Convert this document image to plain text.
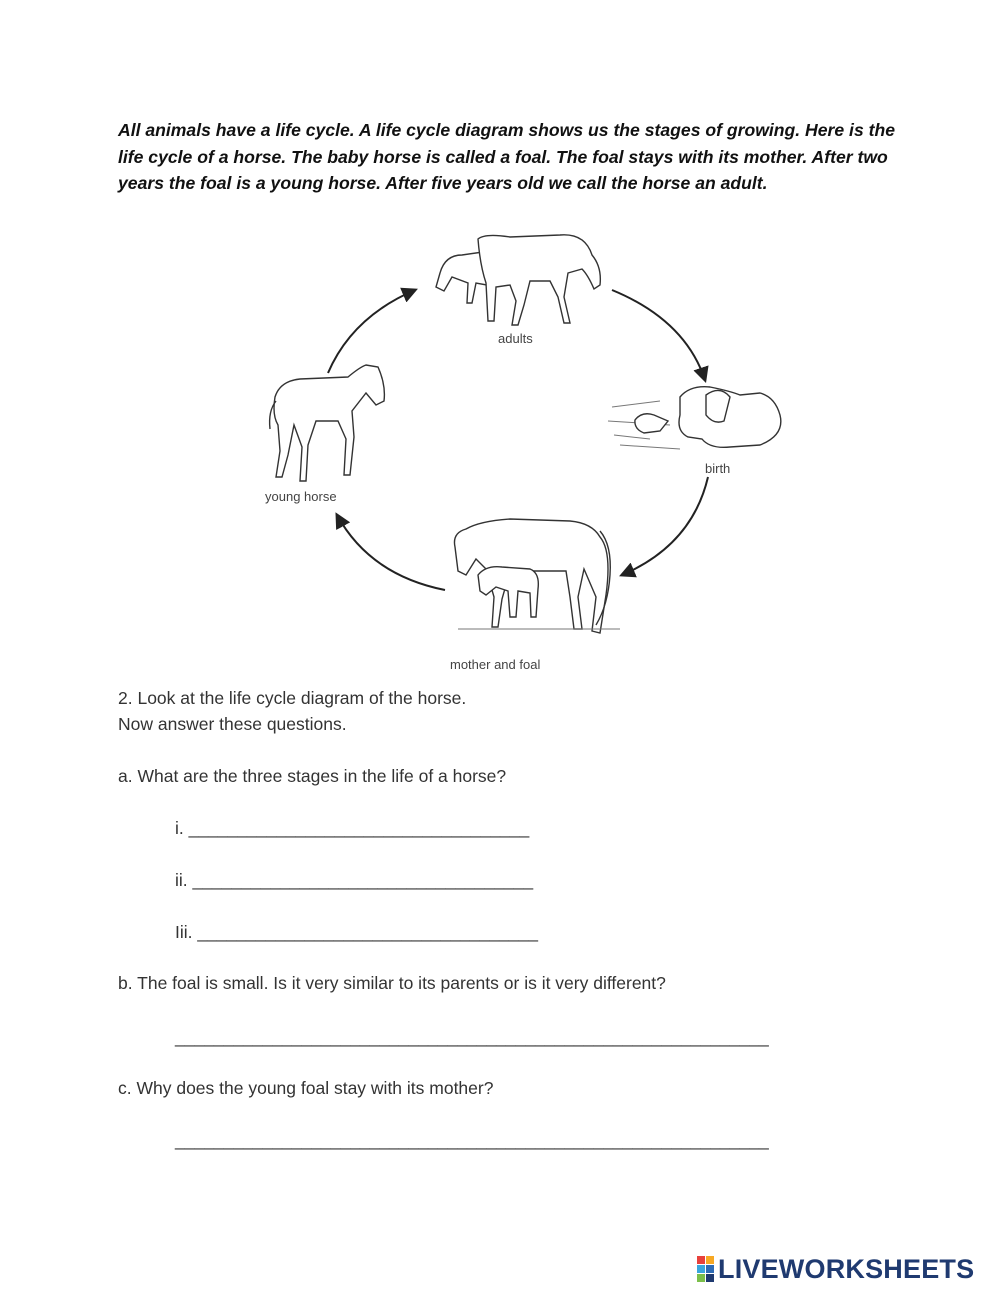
All animals have a life cycle. A life cycle diagram shows us the stages of growing. Here is the life cycle of a horse. The baby horse is called a foal. The foal stays with its mother. After two years the foal is a young horse. After five years old we call the horse an adult.

adults
birth
mother and foal
young horse
2. Look at the life cycle diagram of the horse.
Now answer these questions.
a. What are the three stages in the life of a horse?
i. ___________________________________
ii. ___________________________________
Iii. ___________________________________
b. The foal is small. Is it very similar to its parents or is it very different?
_____________________________________________________________
c. Why does the young foal stay with its mother?
_____________________________________________________________
LIVEWORKSHEETS
